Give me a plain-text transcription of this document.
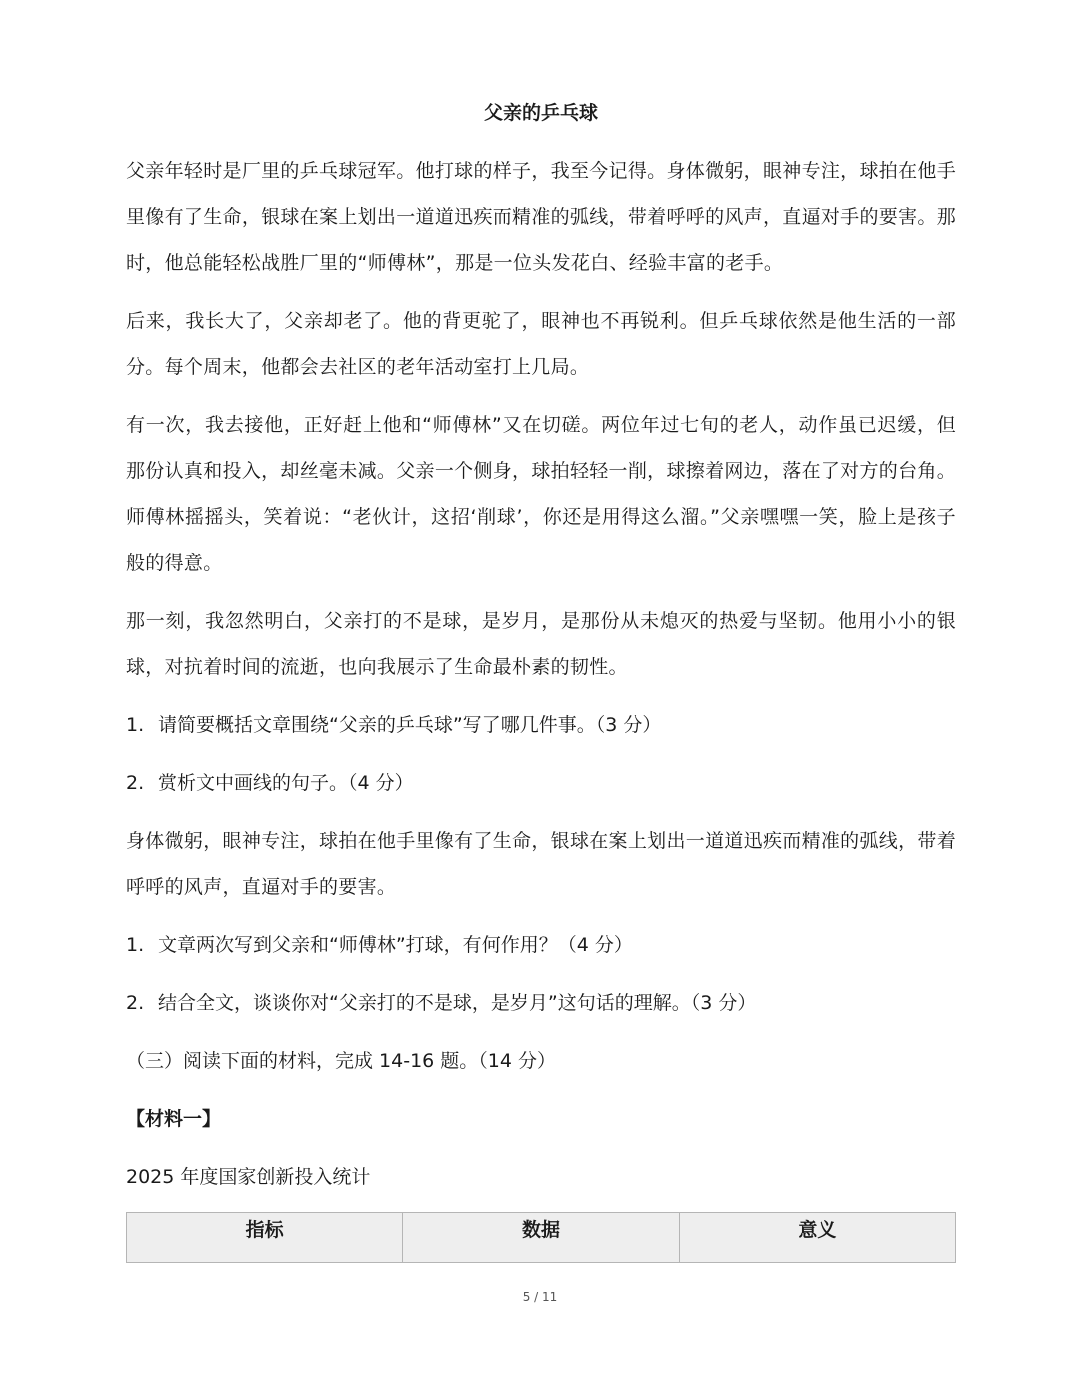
父亲的乒乓球

父亲年轻时是厂里的乒乓球冠军。他打球的样子，我至今记得。身体微躬，眼神专注，球拍在他手里像有了生命，银球在案上划出一道道迅疾而精准的弧线，带着呼呼的风声，直逼对手的要害。那时，他总能轻松战胜厂里的“师傅林”，那是一位头发花白、经验丰富的老手。

后来，我长大了，父亲却老了。他的背更驼了，眼神也不再锐利。但乒乓球依然是他生活的一部分。每个周末，他都会去社区的老年活动室打上几局。

有一次，我去接他，正好赶上他和“师傅林”又在切磋。两位年过七旬的老人，动作虽已迟缓，但那份认真和投入，却丝毫未减。父亲一个侧身，球拍轻轻一削，球擦着网边，落在了对方的台角。师傅林摇摇头，笑着说：“老伙计，这招‘削球’，你还是用得这么溜。”父亲嘿嘿一笑，脸上是孩子般的得意。

那一刻，我忽然明白，父亲打的不是球，是岁月，是那份从未熄灭的热爱与坚韧。他用小小的银球，对抗着时间的流逝，也向我展示了生命最朴素的韧性。

1. 请简要概括文章围绕“父亲的乒乓球”写了哪几件事。（3 分）
2. 赏析文中画线的句子。（4 分）

身体微躬，眼神专注，球拍在他手里像有了生命，银球在案上划出一道道迅疾而精准的弧线，带着呼呼的风声，直逼对手的要害。

1. 文章两次写到父亲和“师傅林”打球，有何作用？（4 分）
2. 结合全文，谈谈你对“父亲打的不是球，是岁月”这句话的理解。（3 分）
（三）阅读下面的材料，完成 14-16 题。（14 分）
【材料一】
2025 年度国家创新投入统计
指标	数据	意义
5 / 11
